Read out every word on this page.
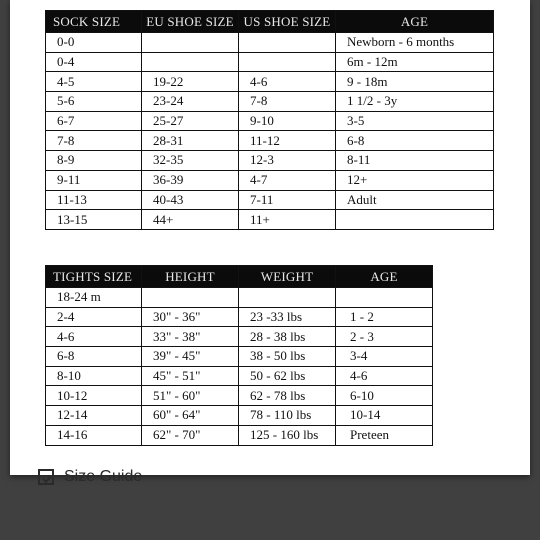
SOCK SIZE	EU SHOE SIZE	US SHOE SIZE	AGE
0-0			Newborn - 6 months
0-4			6m - 12m
4-5	19-22	4-6	9 - 18m
5-6	23-24	7-8	1 1/2 - 3y
6-7	25-27	9-10	3-5
7-8	28-31	11-12	6-8
8-9	32-35	12-3	8-11
9-11	36-39	4-7	12+
11-13	40-43	7-11	Adult
13-15	44+	11+	
TIGHTS SIZE	HEIGHT	WEIGHT	AGE
18-24 m			
2-4	30" - 36"	23 -33 lbs	1 - 2
4-6	33" - 38"	28 - 38 lbs	2 - 3
6-8	39" - 45"	38 - 50 lbs	3-4
8-10	45" - 51"	50 - 62 lbs	4-6
10-12	51" - 60"	62 - 78 lbs	6-10
12-14	60" - 64"	78 - 110 lbs	10-14
14-16	62" - 70"	125 - 160 lbs	Preteen
Size Guide
